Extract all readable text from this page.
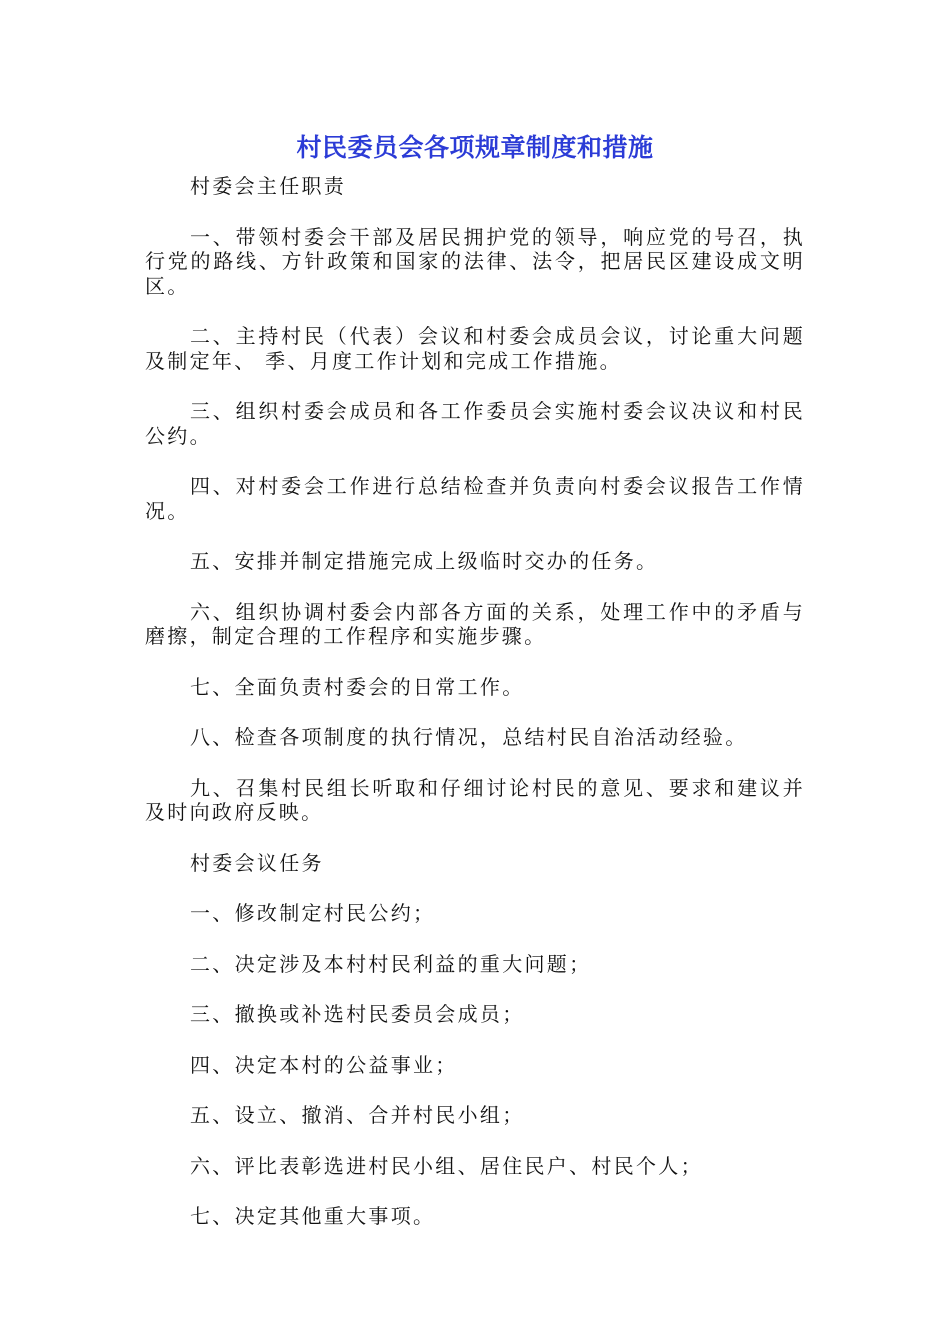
村民委员会各项规章制度和措施

村委会主任职责

一、带领村委会干部及居民拥护党的领导，响应党的号召，执行党的路线、方针政策和国家的法律、法令，把居民区建设成文明区。

二、主持村民（代表）会议和村委会成员会议，讨论重大问题及制定年、 季、月度工作计划和完成工作措施。

三、组织村委会成员和各工作委员会实施村委会议决议和村民公约。

四、对村委会工作进行总结检查并负责向村委会议报告工作情况。

五、安排并制定措施完成上级临时交办的任务。

六、组织协调村委会内部各方面的关系，处理工作中的矛盾与磨擦，制定合理的工作程序和实施步骤。

七、全面负责村委会的日常工作。

八、检查各项制度的执行情况，总结村民自治活动经验。

九、召集村民组长听取和仔细讨论村民的意见、要求和建议并及时向政府反映。

村委会议任务

一、修改制定村民公约；

二、决定涉及本村村民利益的重大问题；

三、撤换或补选村民委员会成员；

四、决定本村的公益事业；

五、设立、撤消、合并村民小组；

六、评比表彰选进村民小组、居住民户、村民个人；

七、决定其他重大事项。
